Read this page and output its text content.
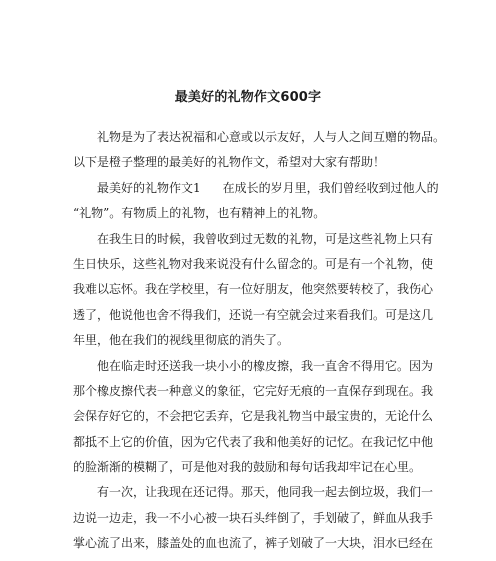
最美好的礼物作文600字
礼物是为了表达祝福和心意或以示友好，人与人之间互赠的物品。
以下是橙子整理的最美好的礼物作文，希望对大家有帮助！
最美好的礼物作文1 在成长的岁月里，我们曾经收到过他人的
“礼物”。有物质上的礼物，也有精神上的礼物。
在我生日的时候，我曾收到过无数的礼物，可是这些礼物上只有
生日快乐，这些礼物对我来说没有什么留念的。可是有一个礼物，使
我难以忘怀。我在学校里，有一位好朋友，他突然要转校了，我伤心
透了，他说他也舍不得我们，还说一有空就会过来看我们。可是这几
年里，他在我们的视线里彻底的消失了。
他在临走时还送我一块小小的橡皮擦，我一直舍不得用它。因为
那个橡皮擦代表一种意义的象征，它完好无痕的一直保存到现在。我
会保存好它的，不会把它丢弃，它是我礼物当中最宝贵的，无论什么
都抵不上它的价值，因为它代表了我和他美好的记忆。在我记忆中他
的脸渐渐的模糊了，可是他对我的鼓励和每句话我却牢记在心里。
有一次，让我现在还记得。那天，他同我一起去倒垃圾，我们一
边说一边走，我一不小心被一块石头绊倒了，手划破了，鲜血从我手
掌心流了出来，膝盖处的血也流了，裤子划破了一大块，泪水已经在
